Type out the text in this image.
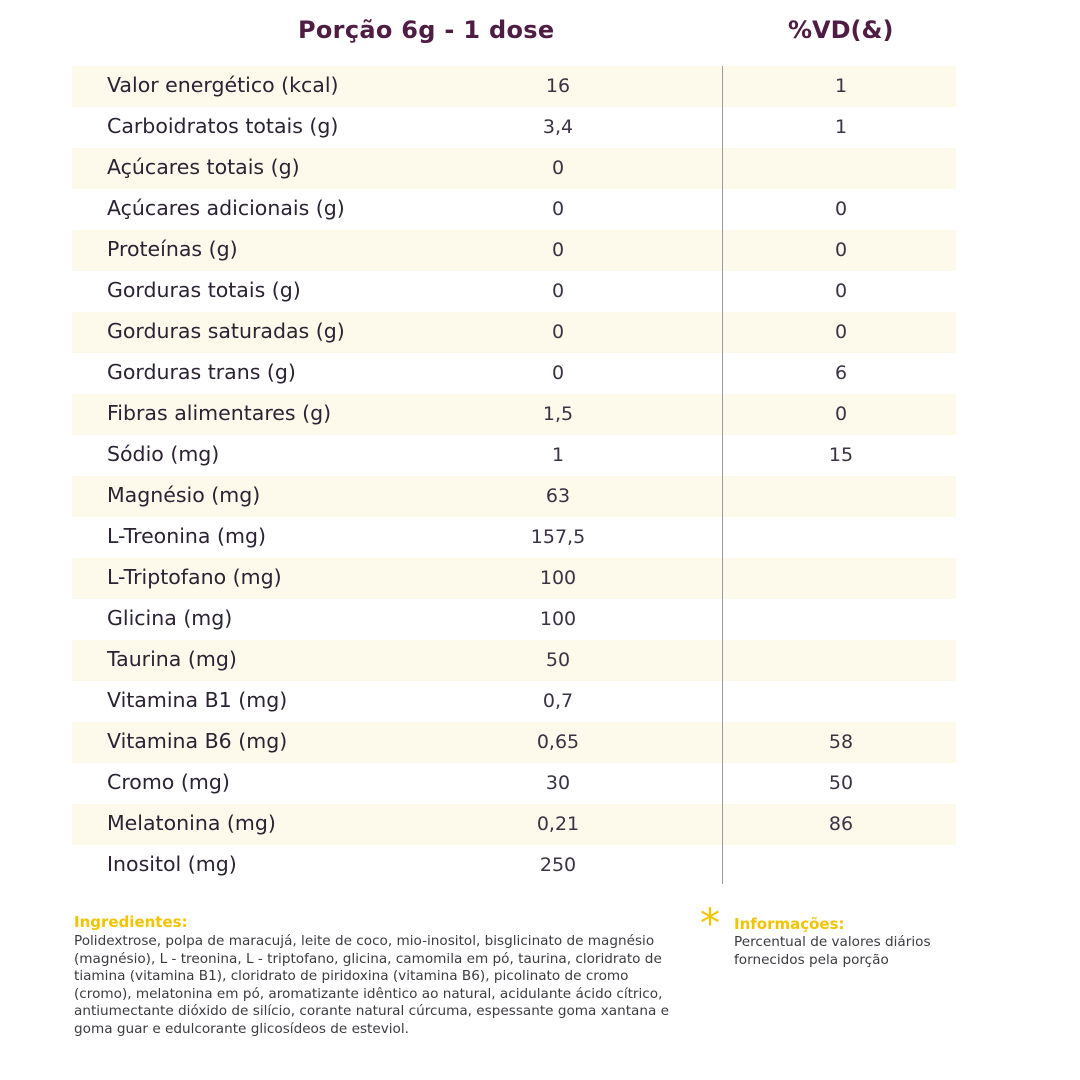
Porção 6g - 1 dose	%VD(&)
Valor energético (kcal)	16	1
Carboidratos totais (g)	3,4	1
Açúcares totais (g)	0
Açúcares adicionais (g)	0	0
Proteínas (g)	0	0
Gorduras totais (g)	0	0
Gorduras saturadas (g)	0	0
Gorduras trans (g)	0	6
Fibras alimentares (g)	1,5	0
Sódio (mg)	1	15
Magnésio (mg)	63
L-Treonina (mg)	157,5
L-Triptofano (mg)	100
Glicina (mg)	100
Taurina (mg)	50
Vitamina B1 (mg)	0,7
Vitamina B6 (mg)	0,65	58
Cromo (mg)	30	50
Melatonina (mg)	0,21	86
Inositol (mg)	250
Ingredientes:
Polidextrose, polpa de maracujá, leite de coco, mio-inositol, bisglicinato de magnésio (magnésio), L - treonina, L - triptofano, glicina, camomila em pó, taurina, cloridrato de tiamina (vitamina B1), cloridrato de piridoxina (vitamina B6), picolinato de cromo (cromo), melatonina em pó, aromatizante idêntico ao natural, acidulante ácido cítrico, antiumectante dióxido de silício, corante natural cúrcuma, espessante goma xantana e goma guar e edulcorante glicosídeos de esteviol.
* Informações:
Percentual de valores diários fornecidos pela porção
